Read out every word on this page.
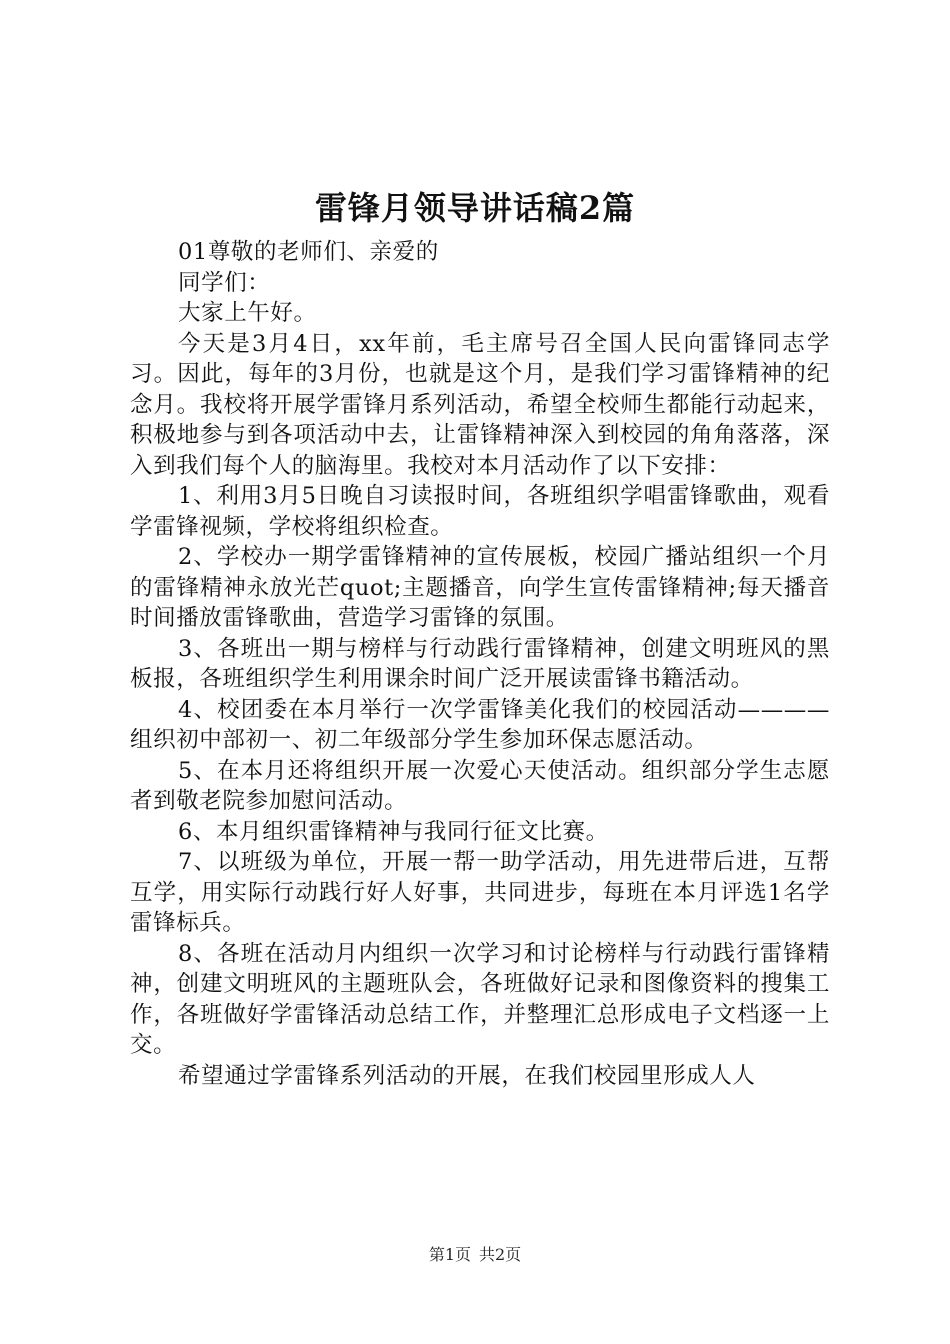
雷锋月领导讲话稿2篇

01尊敬的老师们、亲爱的

同学们：

大家上午好。

今天是3月4日，xx年前，毛主席号召全国人民向雷锋同志学习。因此，每年的3月份，也就是这个月，是我们学习雷锋精神的纪念月。我校将开展学雷锋月系列活动，希望全校师生都能行动起来，积极地参与到各项活动中去，让雷锋精神深入到校园的角角落落，深入到我们每个人的脑海里。我校对本月活动作了以下安排：

1、利用3月5日晚自习读报时间，各班组织学唱雷锋歌曲，观看学雷锋视频，学校将组织检查。

2、学校办一期学雷锋精神的宣传展板，校园广播站组织一个月的雷锋精神永放光芒quot;主题播音，向学生宣传雷锋精神;每天播音时间播放雷锋歌曲，营造学习雷锋的氛围。

3、各班出一期与榜样与行动践行雷锋精神，创建文明班风的黑板报，各班组织学生利用课余时间广泛开展读雷锋书籍活动。

4、校团委在本月举行一次学雷锋美化我们的校园活动————组织初中部初一、初二年级部分学生参加环保志愿活动。

5、在本月还将组织开展一次爱心天使活动。组织部分学生志愿者到敬老院参加慰问活动。

6、本月组织雷锋精神与我同行征文比赛。

7、以班级为单位，开展一帮一助学活动，用先进带后进，互帮互学，用实际行动践行好人好事，共同进步，每班在本月评选1名学雷锋标兵。

8、各班在活动月内组织一次学习和讨论榜样与行动践行雷锋精神，创建文明班风的主题班队会，各班做好记录和图像资料的搜集工作，各班做好学雷锋活动总结工作，并整理汇总形成电子文档逐一上交。

希望通过学雷锋系列活动的开展，在我们校园里形成人人

第1页 共2页
